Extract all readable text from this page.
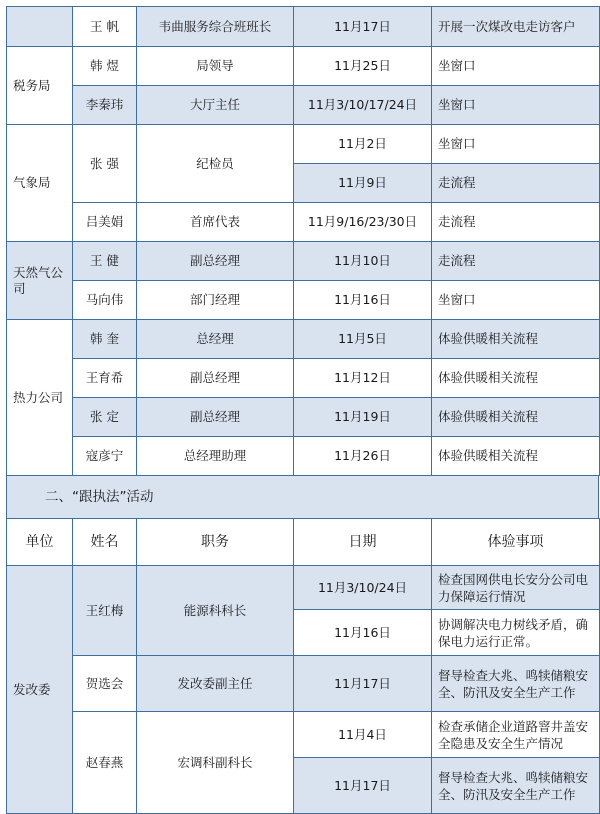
	王 帆	韦曲服务综合班班长	11月17日	开展一次煤改电走访客户
税务局	韩 煜	局领导	11月25日	坐窗口
	李秦玮	大厅主任	11月3/10/17/24日	坐窗口
气象局	张 强	纪检员	11月2日	坐窗口
			11月9日	走流程
	吕美娟	首席代表	11月9/16/23/30日	走流程
天然气公司	王 健	副总经理	11月10日	走流程
	马向伟	部门经理	11月16日	坐窗口
热力公司	韩 奎	总经理	11月5日	体验供暖相关流程
	王育希	副总经理	11月12日	体验供暖相关流程
	张 定	副总经理	11月19日	体验供暖相关流程
	寇彦宁	总经理助理	11月26日	体验供暖相关流程
二、“跟执法”活动
单位	姓名	职务	日期	体验事项
发改委	王红梅	能源科科长	11月3/10/24日	检查国网供电长安分公司电力保障运行情况
			11月16日	协调解决电力树线矛盾，确保电力运行正常。
	贺选会	发改委副主任	11月17日	督导检查大兆、鸣犊储粮安全、防汛及安全生产工作
	赵春燕	宏调科副科长	11月4日	检查承储企业道路窨井盖安全隐患及安全生产情况
			11月17日	督导检查大兆、鸣犊储粮安全、防汛及安全生产工作
